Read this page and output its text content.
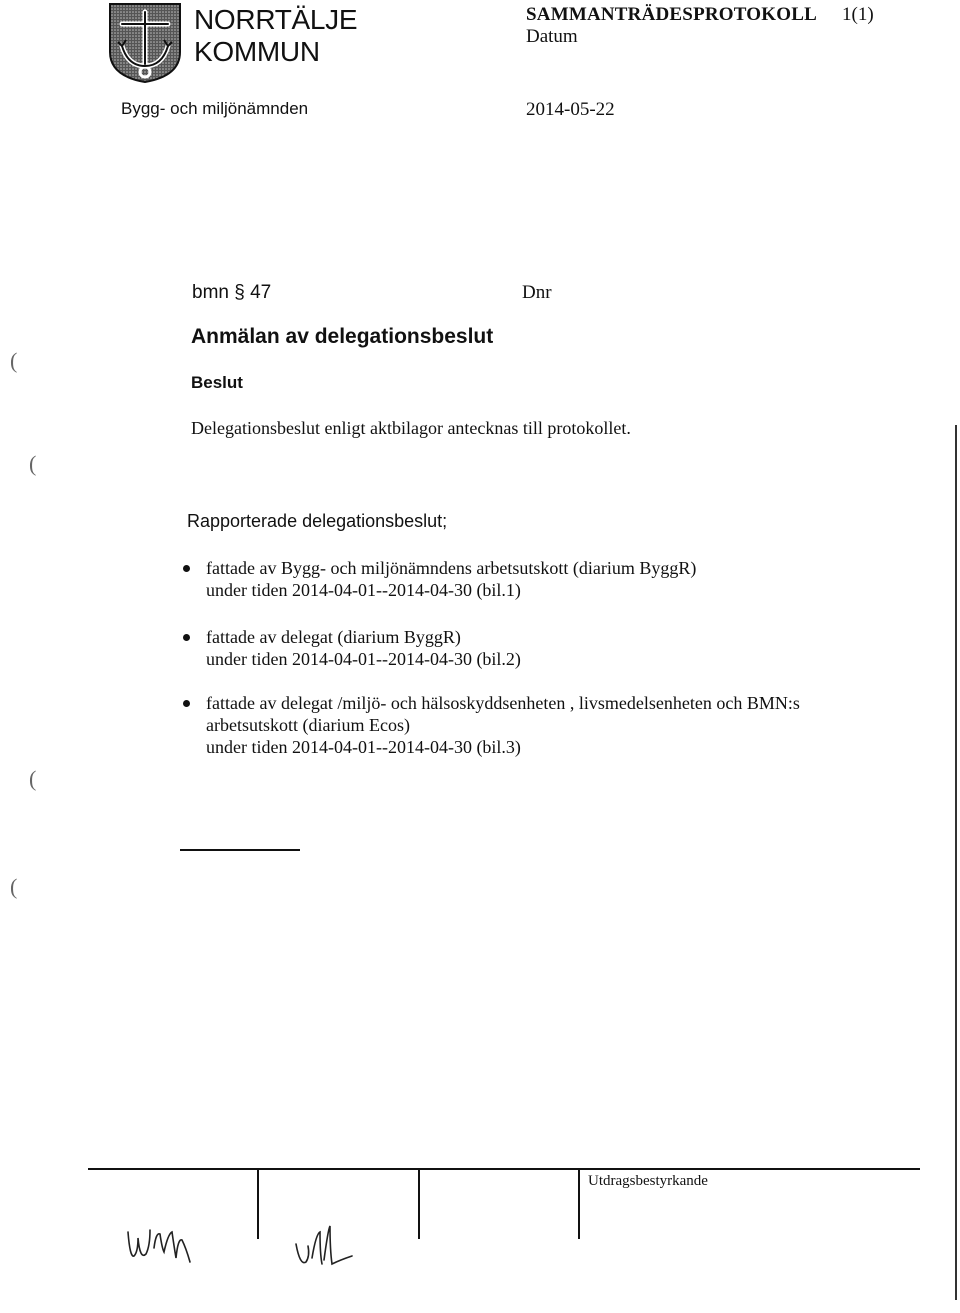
NORRTÄLJE
KOMMUN
Bygg- och miljönämnden
SAMMANTRÄDESPROTOKOLL 1(1)
Datum
2014-05-22
bmn § 47	Dnr
Anmälan av delegationsbeslut
Beslut
Delegationsbeslut enligt aktbilagor antecknas till protokollet.
Rapporterade delegationsbeslut;
fattade av Bygg- och miljönämndens arbetsutskott (diarium ByggR)
under tiden 2014-04-01--2014-04-30 (bil.1)
fattade av delegat (diarium ByggR)
under tiden 2014-04-01--2014-04-30 (bil.2)
fattade av delegat /miljö- och hälsoskyddsenheten , livsmedelsenheten och BMN:s
arbetsutskott (diarium Ecos)
under tiden 2014-04-01--2014-04-30 (bil.3)
(
(
(
(
Utdragsbestyrkande
